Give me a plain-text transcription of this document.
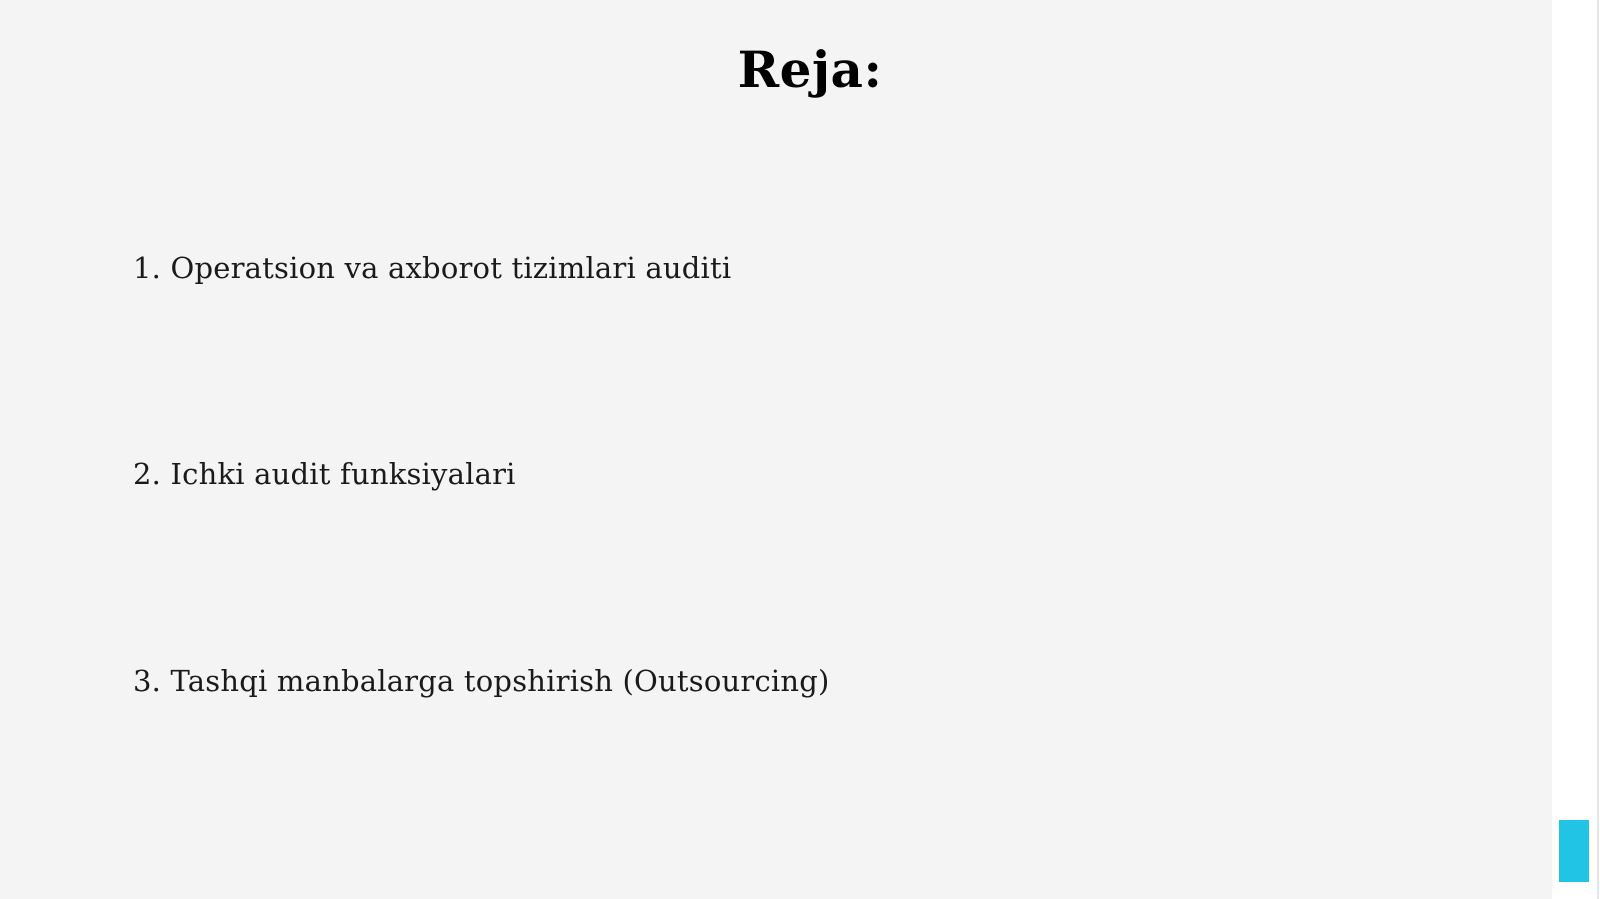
Reja:
1. Operatsion va axborot tizimlari auditi
2. Ichki audit funksiyalari
3. Tashqi manbalarga topshirish (Outsourcing)
